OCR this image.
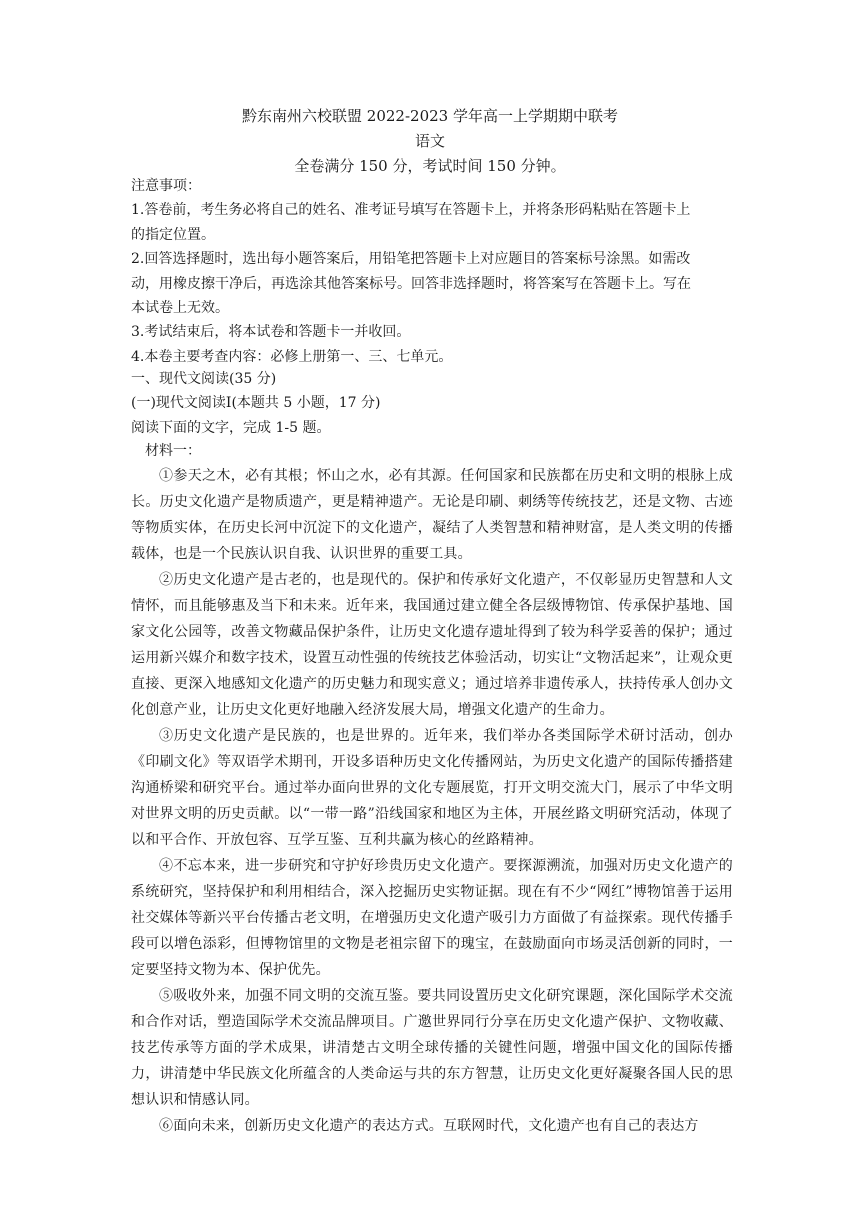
黔东南州六校联盟 2022-2023 学年高一上学期期中联考
语文
全卷满分 150 分，考试时间 150 分钟。
注意事项：
1.答卷前，考生务必将自己的姓名、准考证号填写在答题卡上，并将条形码粘贴在答题卡上
的指定位置。
2.回答选择题时，选出每小题答案后，用铅笔把答题卡上对应题目的答案标号涂黑。如需改
动，用橡皮擦干净后，再选涂其他答案标号。回答非选择题时，将答案写在答题卡上。写在
本试卷上无效。
3.考试结束后，将本试卷和答题卡一并收回。
4.本卷主要考查内容：必修上册第一、三、七单元。
一、现代文阅读(35 分)
(一)现代文阅读Ⅰ(本题共 5 小题，17 分)
阅读下面的文字，完成 1-5 题。
材料一：

①参天之木，必有其根；怀山之水，必有其源。任何国家和民族都在历史和文明的根脉上成长。历史文化遗产是物质遗产，更是精神遗产。无论是印刷、刺绣等传统技艺，还是文物、古迹等物质实体，在历史长河中沉淀下的文化遗产，凝结了人类智慧和精神财富，是人类文明的传播载体，也是一个民族认识自我、认识世界的重要工具。

②历史文化遗产是古老的，也是现代的。保护和传承好文化遗产，不仅彰显历史智慧和人文情怀，而且能够惠及当下和未来。近年来，我国通过建立健全各层级博物馆、传承保护基地、国家文化公园等，改善文物藏品保护条件，让历史文化遗存遗址得到了较为科学妥善的保护；通过运用新兴媒介和数字技术，设置互动性强的传统技艺体验活动，切实让“文物活起来”，让观众更直接、更深入地感知文化遗产的历史魅力和现实意义；通过培养非遗传承人，扶持传承人创办文化创意产业，让历史文化更好地融入经济发展大局，增强文化遗产的生命力。

③历史文化遗产是民族的，也是世界的。近年来，我们举办各类国际学术研讨活动，创办《印刷文化》等双语学术期刊，开设多语种历史文化传播网站，为历史文化遗产的国际传播搭建沟通桥梁和研究平台。通过举办面向世界的文化专题展览，打开文明交流大门，展示了中华文明对世界文明的历史贡献。以“一带一路”沿线国家和地区为主体，开展丝路文明研究活动，体现了以和平合作、开放包容、互学互鉴、互利共赢为核心的丝路精神。

④不忘本来，进一步研究和守护好珍贵历史文化遗产。要探源溯流，加强对历史文化遗产的系统研究，坚持保护和利用相结合，深入挖掘历史实物证据。现在有不少“网红”博物馆善于运用社交媒体等新兴平台传播古老文明，在增强历史文化遗产吸引力方面做了有益探索。现代传播手段可以增色添彩，但博物馆里的文物是老祖宗留下的瑰宝，在鼓励面向市场灵活创新的同时，一定要坚持文物为本、保护优先。

⑤吸收外来，加强不同文明的交流互鉴。要共同设置历史文化研究课题，深化国际学术交流和合作对话，塑造国际学术交流品牌项目。广邀世界同行分享在历史文化遗产保护、文物收藏、技艺传承等方面的学术成果，讲清楚古文明全球传播的关键性问题，增强中国文化的国际传播力，讲清楚中华民族文化所蕴含的人类命运与共的东方智慧，让历史文化更好凝聚各国人民的思想认识和情感认同。

⑥面向未来，创新历史文化遗产的表达方式。互联网时代，文化遗产也有自己的表达方
